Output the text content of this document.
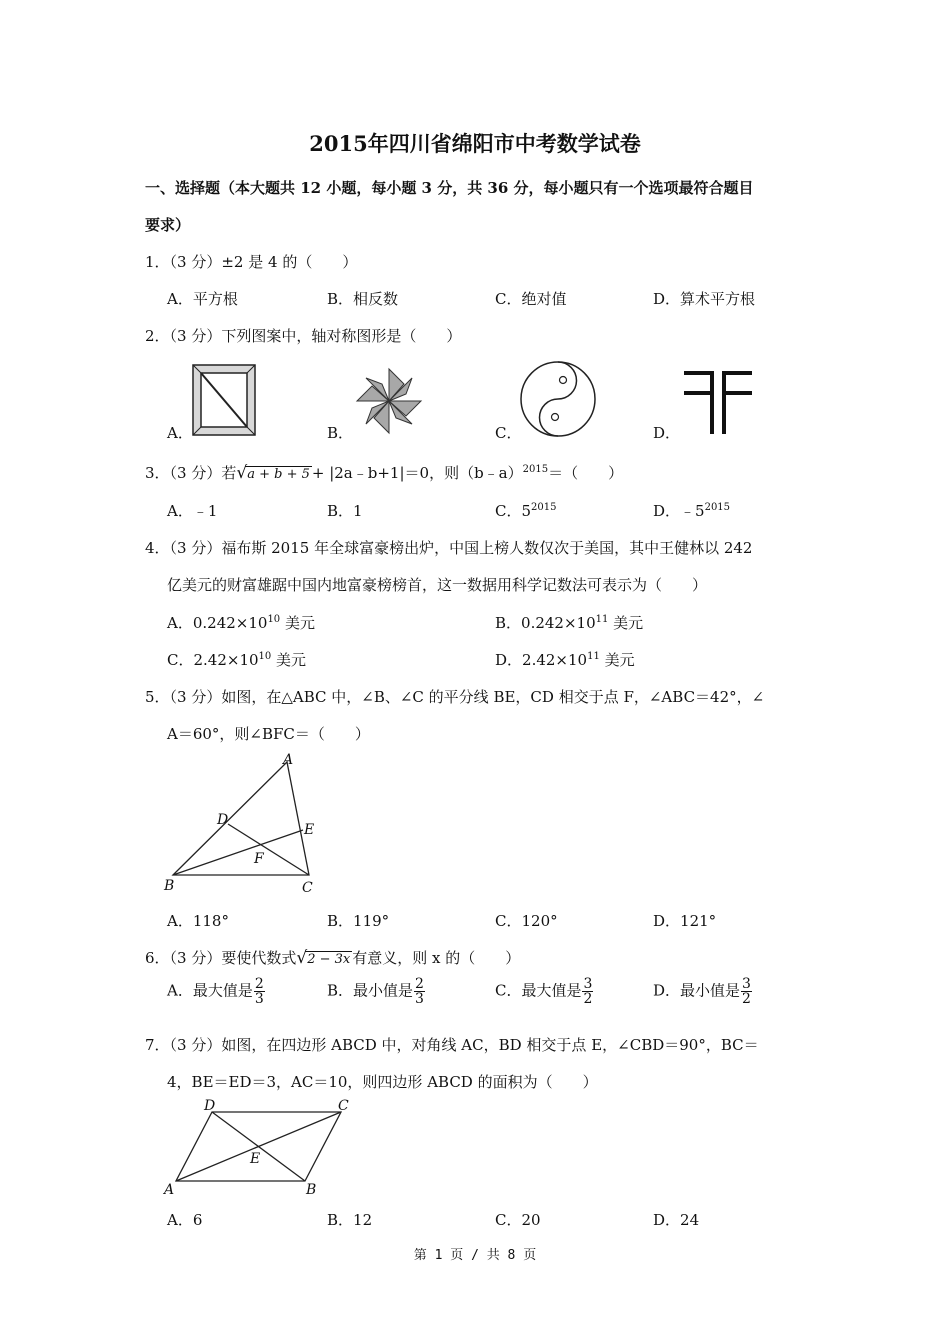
2015年四川省绵阳市中考数学试卷
一、选择题（本大题共 12 小题，每小题 3 分，共 36 分，每小题只有一个选项最符合题目
要求）
1．（3 分）±2 是 4 的（　　）
A．平方根	B．相反数	C．绝对值	D．算术平方根
2．（3 分）下列图案中，轴对称图形是（　　）
A．	B．	C．	D．
3．（3 分）若√a + b + 5 + |2a﹣b+1|＝0，则（b﹣a）$^{2015}$＝（　　）
A．﹣1	B．1	C．$5^{2015}$	D．$﹣5^{2015}$
4．（3 分）福布斯 2015 年全球富豪榜出炉，中国上榜人数仅次于美国，其中王健林以 242
亿美元的财富雄踞中国内地富豪榜榜首，这一数据用科学记数法可表示为（　　）
A．$0.242\times 10^{10}$ 美元	B．$0.242\times 10^{11}$ 美元
C．$2.42\times 10^{10}$ 美元	D．$2.42\times 10^{11}$ 美元
5．（3 分）如图，在△ABC 中，∠B、∠C 的平分线 BE，CD 相交于点 F，∠ABC＝42°，∠
A＝60°，则∠BFC＝（　　）
A
B	C
D
E
F
A．118°	B．119°	C．120°	D．121°
6．（3 分）要使代数式√2 − 3x 有意义，则 x 的（　　）
A．最大值是 $\frac{2}{3}$	B．最小值是 $\frac{2}{3}$	C．最大值是 $\frac{3}{2}$	D．最小值是 $\frac{3}{2}$
7．（3 分）如图，在四边形 ABCD 中，对角线 AC，BD 相交于点 E，∠CBD＝90°，BC＝
4，BE＝ED＝3，AC＝10，则四边形 ABCD 的面积为（　　）
A	B
C
D
E
A．6	B．12	C．20	D．24
第 1 页 / 共 8 页
